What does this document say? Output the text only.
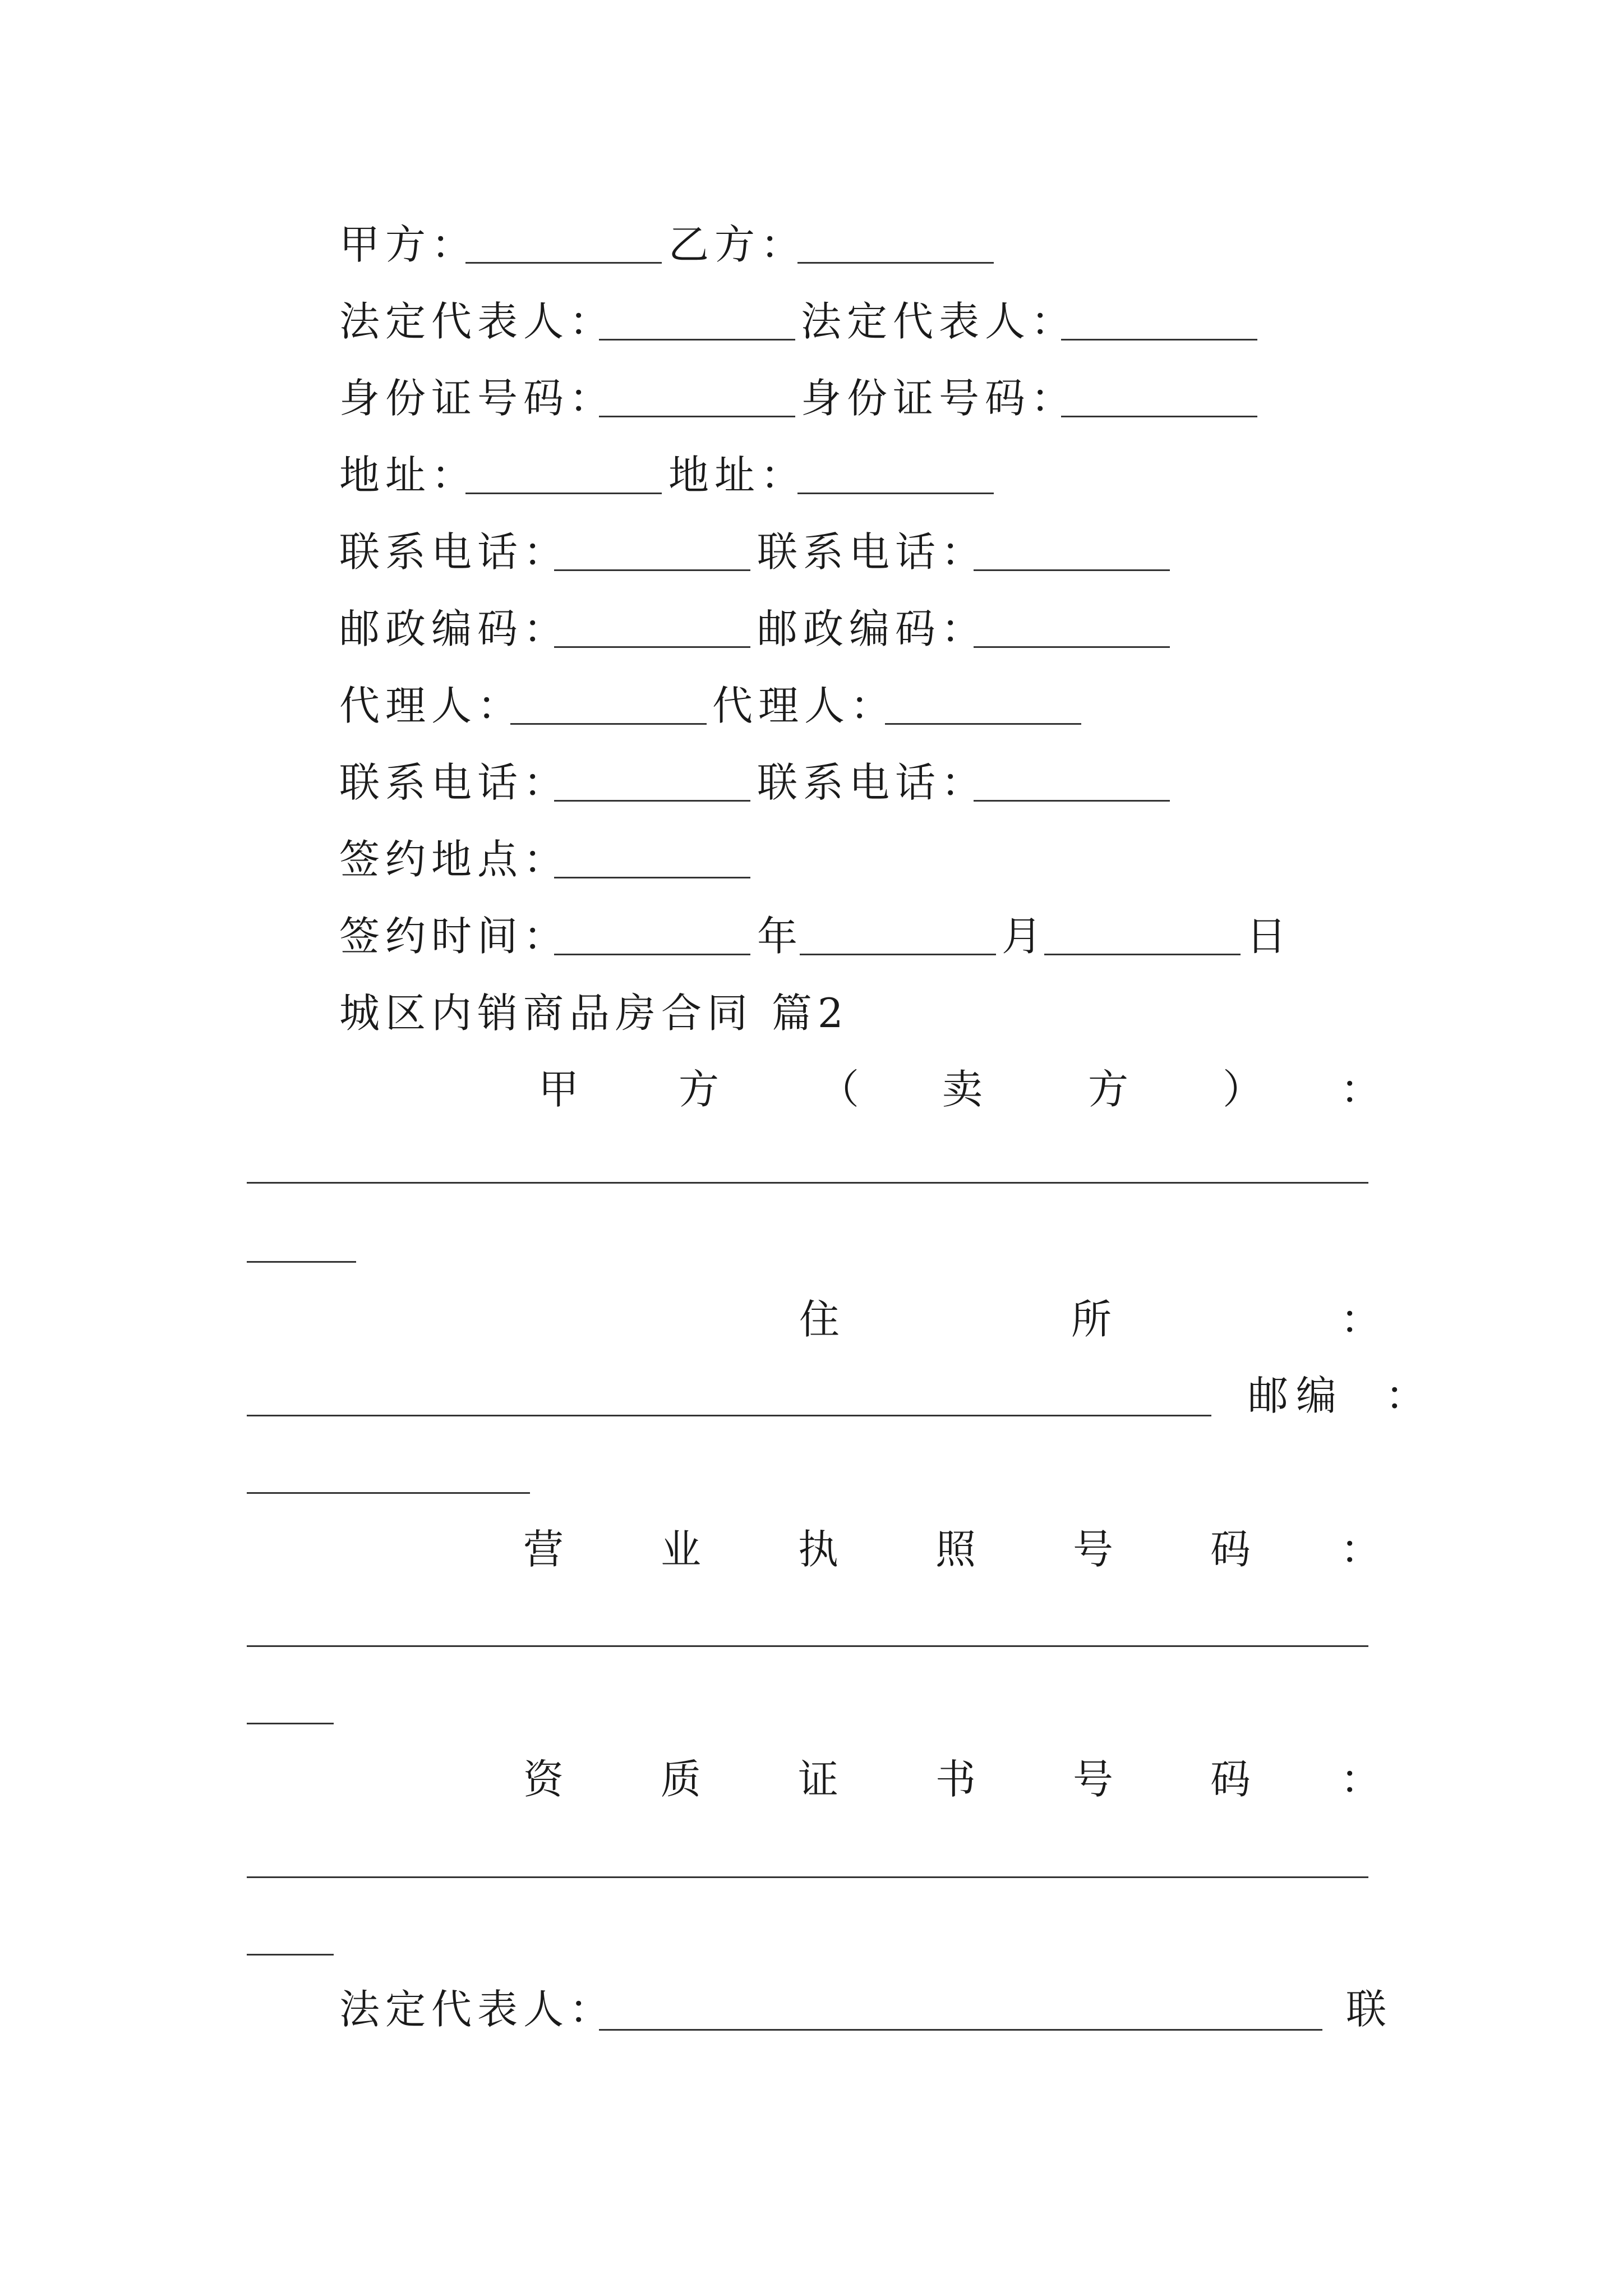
甲方：	乙方：
法定代表人：	法定代表人：
身份证号码：	身份证号码：
地址：	地址：
联系电话：	联系电话：
邮政编码：	邮政编码：
代理人：	代理人：
联系电话：	联系电话：
签约地点：
签约时间：	年	月	日
城区内销商品房合同 篇2
甲 方 （ 卖	方 ） ：
住	所	：
邮编 ：
营 业 执 照 号 码 ：
资 质 证 书 号 码 ：
法定代表人：	联
